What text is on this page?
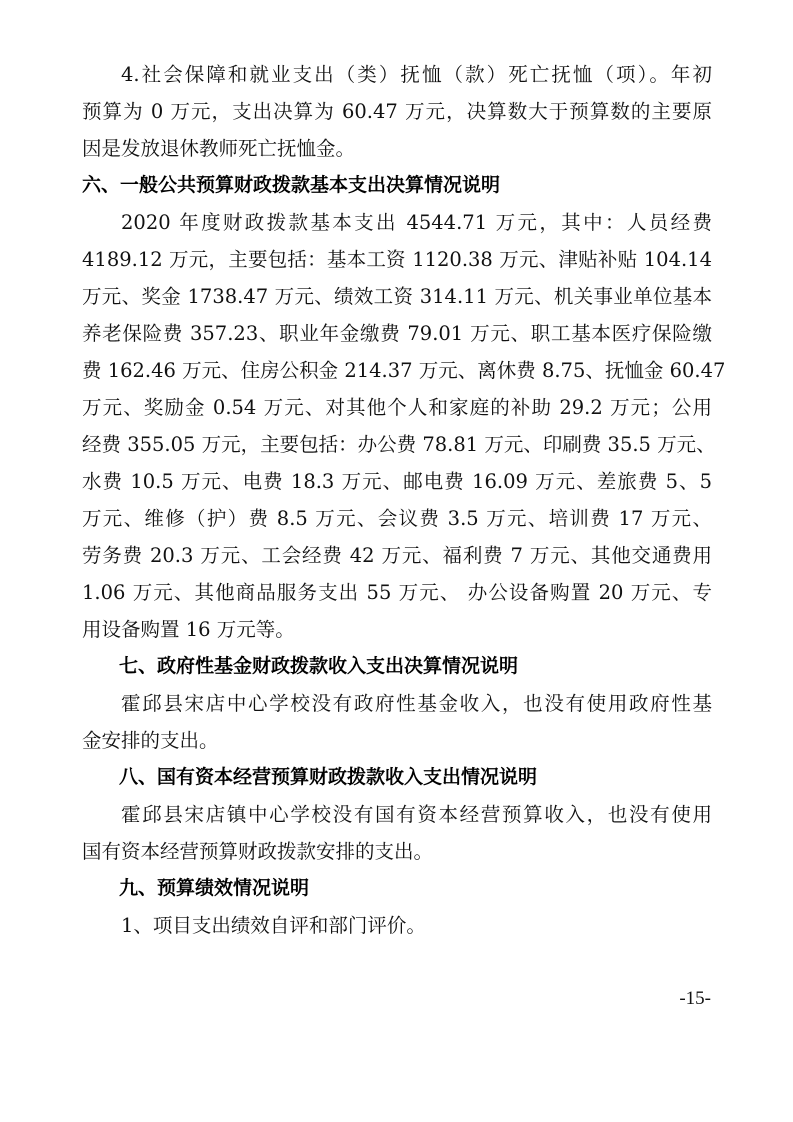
4.社会保障和就业支出（类）抚恤（款）死亡抚恤（项）。年初
预算为 0 万元，支出决算为 60.47 万元，决算数大于预算数的主要原
因是发放退休教师死亡抚恤金。
六、一般公共预算财政拨款基本支出决算情况说明
2020 年度财政拨款基本支出 4544.71 万元，其中：人员经费
4189.12 万元，主要包括：基本工资 1120.38 万元、津贴补贴 104.14
万元、奖金 1738.47 万元、绩效工资 314.11 万元、机关事业单位基本
养老保险费 357.23、职业年金缴费 79.01 万元、职工基本医疗保险缴
费 162.46 万元、住房公积金 214.37 万元、离休费 8.75、抚恤金 60.47
万元、奖励金 0.54 万元、对其他个人和家庭的补助 29.2 万元；公用
经费 355.05 万元，主要包括：办公费 78.81 万元、印刷费 35.5 万元、
水费 10.5 万元、电费 18.3 万元、邮电费 16.09 万元、差旅费 5、5
万元、维修（护）费 8.5 万元、会议费 3.5 万元、培训费 17 万元、
劳务费 20.3 万元、工会经费 42 万元、福利费 7 万元、其他交通费用
1.06 万元、其他商品服务支出 55 万元、 办公设备购置 20 万元、专
用设备购置 16 万元等。
七、政府性基金财政拨款收入支出决算情况说明
霍邱县宋店中心学校没有政府性基金收入，也没有使用政府性基
金安排的支出。
八、国有资本经营预算财政拨款收入支出情况说明
霍邱县宋店镇中心学校没有国有资本经营预算收入，也没有使用
国有资本经营预算财政拨款安排的支出。
九、预算绩效情况说明
1、项目支出绩效自评和部门评价。
-15-
